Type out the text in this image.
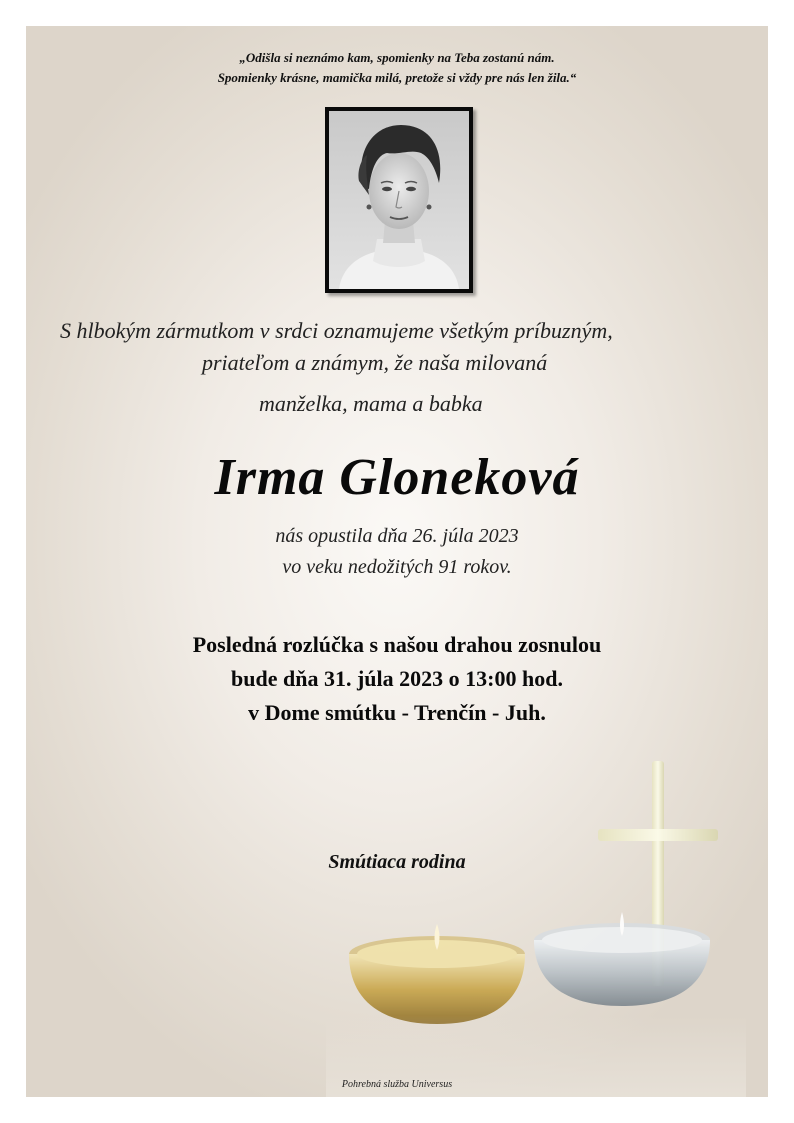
„Odišla si neznámo kam, spomienky na Teba zostanú nám.
Spomienky krásne, mamička milá, pretože si vždy pre nás len žila.“
S hlbokým zármutkom v srdci oznamujeme všetkým príbuzným,
priateľom a známym, že naša milovaná
manželka, mama a babka
Irma Gloneková
nás opustila dňa 26. júla 2023
vo veku nedožitých 91 rokov.
Posledná rozlúčka s našou drahou zosnulou
bude dňa 31. júla 2023 o 13:00 hod.
v Dome smútku - Trenčín - Juh.
Smútiaca rodina
Pohrebná služba Universus
